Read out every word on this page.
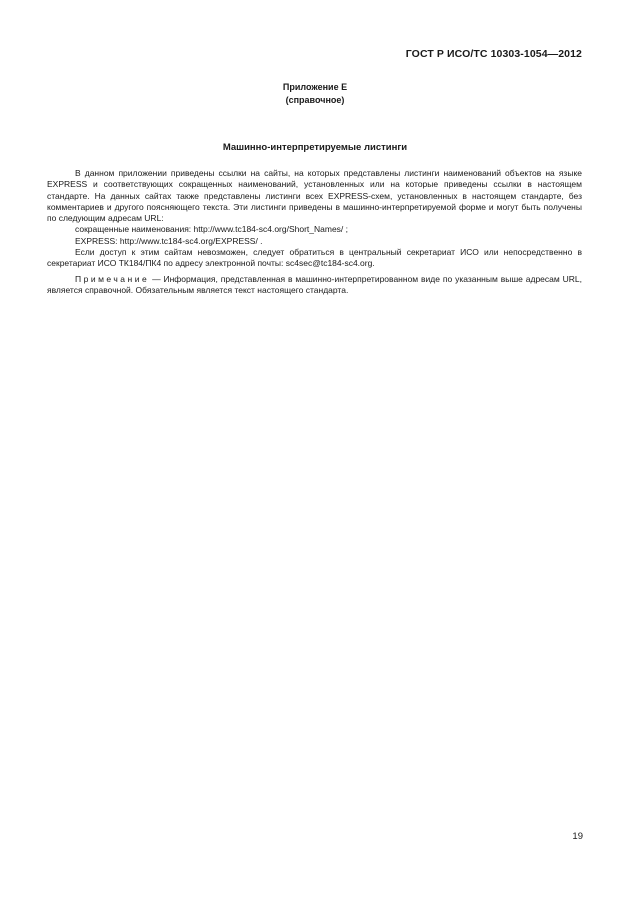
ГОСТ Р ИСО/ТС 10303-1054—2012
Приложение Е
(справочное)
Машинно-интерпретируемые листинги

В данном приложении приведены ссылки на сайты, на которых представлены листинги наименований объектов на языке EXPRESS и соответствующих сокращенных наименований, установленных или на которые приведены ссылки в настоящем стандарте. На данных сайтах также представлены листинги всех EXPRESS-схем, установленных в настоящем стандарте, без комментариев и другого поясняющего текста. Эти листинги приведены в машинно-интерпретируемой форме и могут быть получены по следующим адресам URL:

сокращенные наименования: http://www.tc184-sc4.org/Short_Names/ ;

EXPRESS: http://www.tc184-sc4.org/EXPRESS/ .

Если доступ к этим сайтам невозможен, следует обратиться в центральный секретариат ИСО или непосредственно в секретариат ИСО ТК184/ПК4 по адресу электронной почты: sc4sec@tc184-sc4.org.

Примечание — Информация, представленная в машинно-интерпретированном виде по указанным выше адресам URL, является справочной. Обязательным является текст настоящего стандарта.

19
